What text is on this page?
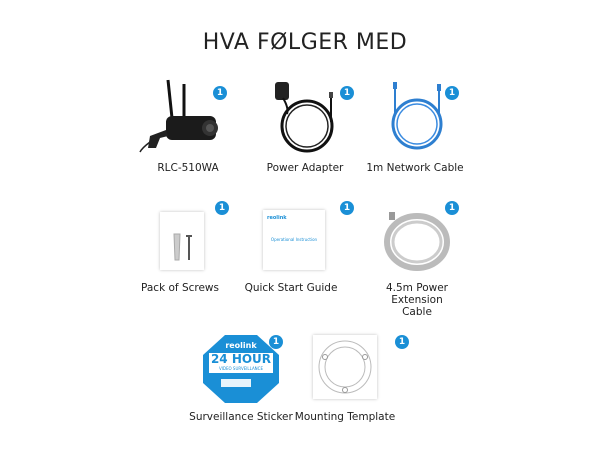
HVA FØLGER MED
RLC-510WA
1
Power Adapter
1
1m Network Cable
1
Pack of Screws
1
reolink
Operational Instruction
Quick Start Guide
1
4.5m Power Extension Cable
1
reolink
24 HOUR
VIDEO SURVEILLANCE
Surveillance Sticker
1
Mounting Template
1
